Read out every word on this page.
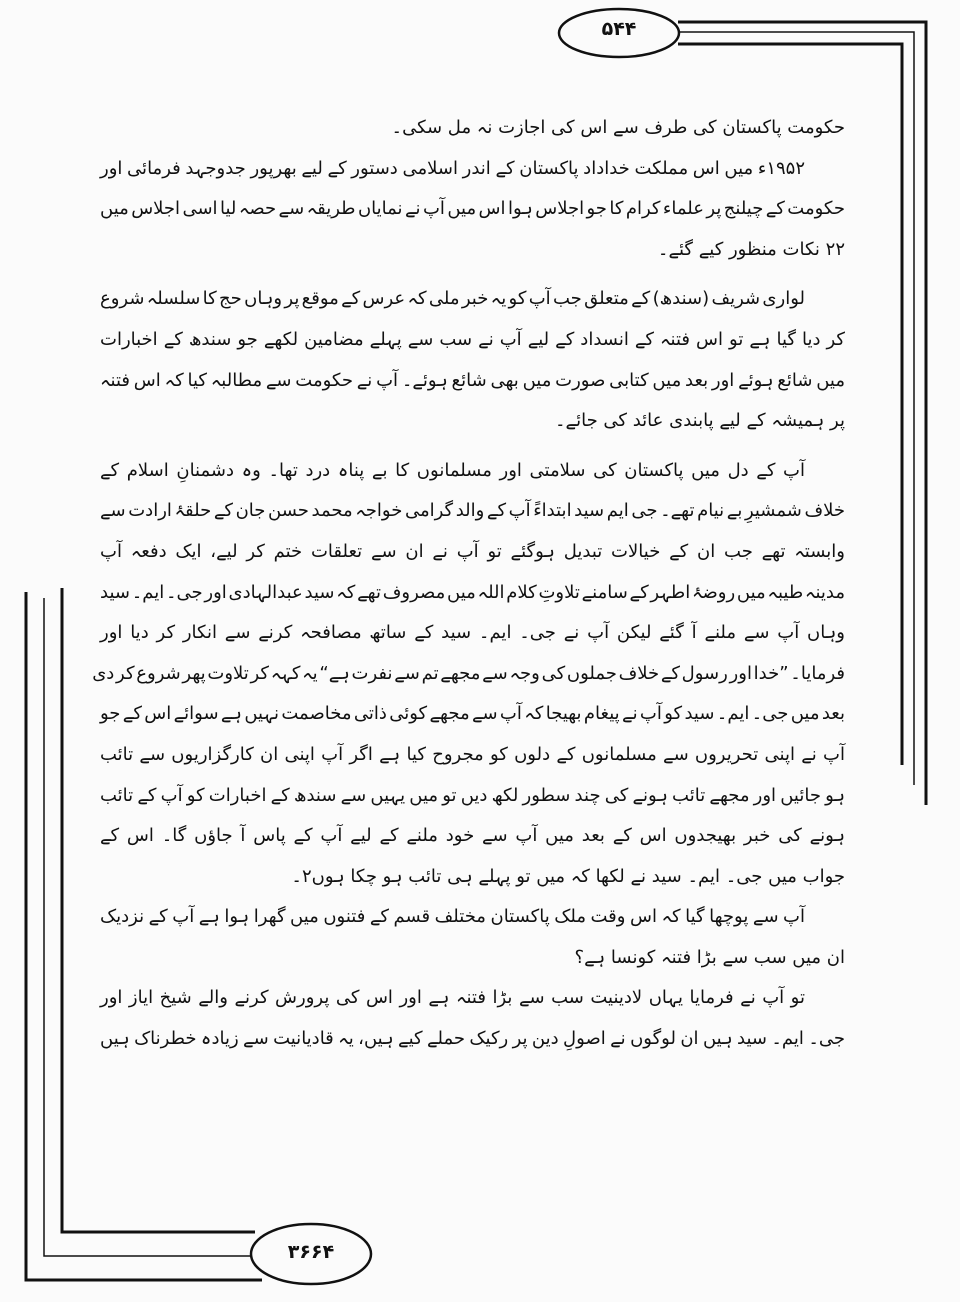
۵۴۴
۳۶۶۴
حکومت پاکستان کی طرف سے اس کی اجازت نہ مل سکی۔
۱۹۵۲ء میں اس مملکت خداداد پاکستان کے اندر اسلامی دستور کے لیے بھرپور جدوجہد فرمائی اور
حکومت کے چیلنج پر علماء کرام کا جو اجلاس ہوا اس میں آپ نے نمایاں طریقہ سے حصہ لیا اسی اجلاس میں
۲۲ نکات منظور کیے گئے۔
لواری شریف (سندھ) کے متعلق جب آپ کو یہ خبر ملی کہ عرس کے موقع پر وہاں حج کا سلسلہ شروع
کر دیا گیا ہے تو اس فتنہ کے انسداد کے لیے آپ نے سب سے پہلے مضامین لکھے جو سندھ کے اخبارات
میں شائع ہوئے اور بعد میں کتابی صورت میں بھی شائع ہوئے۔ آپ نے حکومت سے مطالبہ کیا کہ اس فتنہ
پر ہمیشہ کے لیے پابندی عائد کی جائے۔
آپ کے دل میں پاکستان کی سلامتی اور مسلمانوں کا بے پناہ درد تھا۔ وہ دشمنانِ اسلام کے
خلاف شمشیرِ بے نیام تھے۔ جی ایم سید ابتداءً آپ کے والد گرامی خواجہ محمد حسن جان کے حلقۂ ارادت سے
وابستہ تھے جب ان کے خیالات تبدیل ہوگئے تو آپ نے ان سے تعلقات ختم کر لیے، ایک دفعہ آپ
مدینہ طیبہ میں روضۂ اطہر کے سامنے تلاوتِ کلام اللہ میں مصروف تھے کہ سید عبدالہادی اور جی۔ ایم۔ سید
وہاں آپ سے ملنے آ گئے لیکن آپ نے جی۔ ایم۔ سید کے ساتھ مصافحہ کرنے سے انکار کر دیا اور
فرمایا۔ ”خدا اور رسول کے خلاف جملوں کی وجہ سے مجھے تم سے نفرت ہے“ یہ کہہ کر تلاوت پھر شروع کر دی
بعد میں جی۔ ایم۔ سید کو آپ نے پیغام بھیجا کہ آپ سے مجھے کوئی ذاتی مخاصمت نہیں ہے سوائے اس کے جو
آپ نے اپنی تحریروں سے مسلمانوں کے دلوں کو مجروح کیا ہے اگر آپ اپنی ان کارگزاریوں سے تائب
ہو جائیں اور مجھے تائب ہونے کی چند سطور لکھ دیں تو میں یہیں سے سندھ کے اخبارات کو آپ کے تائب
ہونے کی خبر بھیجدوں اس کے بعد میں آپ سے خود ملنے کے لیے آپ کے پاس آ جاؤں گا۔ اس کے
جواب میں جی۔ ایم۔ سید نے لکھا کہ میں تو پہلے ہی تائب ہو چکا ہوں۲۔
آپ سے پوچھا گیا کہ اس وقت ملک پاکستان مختلف قسم کے فتنوں میں گھرا ہوا ہے آپ کے نزدیک
ان میں سب سے بڑا فتنہ کونسا ہے؟
تو آپ نے فرمایا یہاں لادینیت سب سے بڑا فتنہ ہے اور اس کی پرورش کرنے والے شیخ ایاز اور
جی۔ ایم۔ سید ہیں ان لوگوں نے اصولِ دین پر رکیک حملے کیے ہیں، یہ قادیانیت سے زیادہ خطرناک ہیں
